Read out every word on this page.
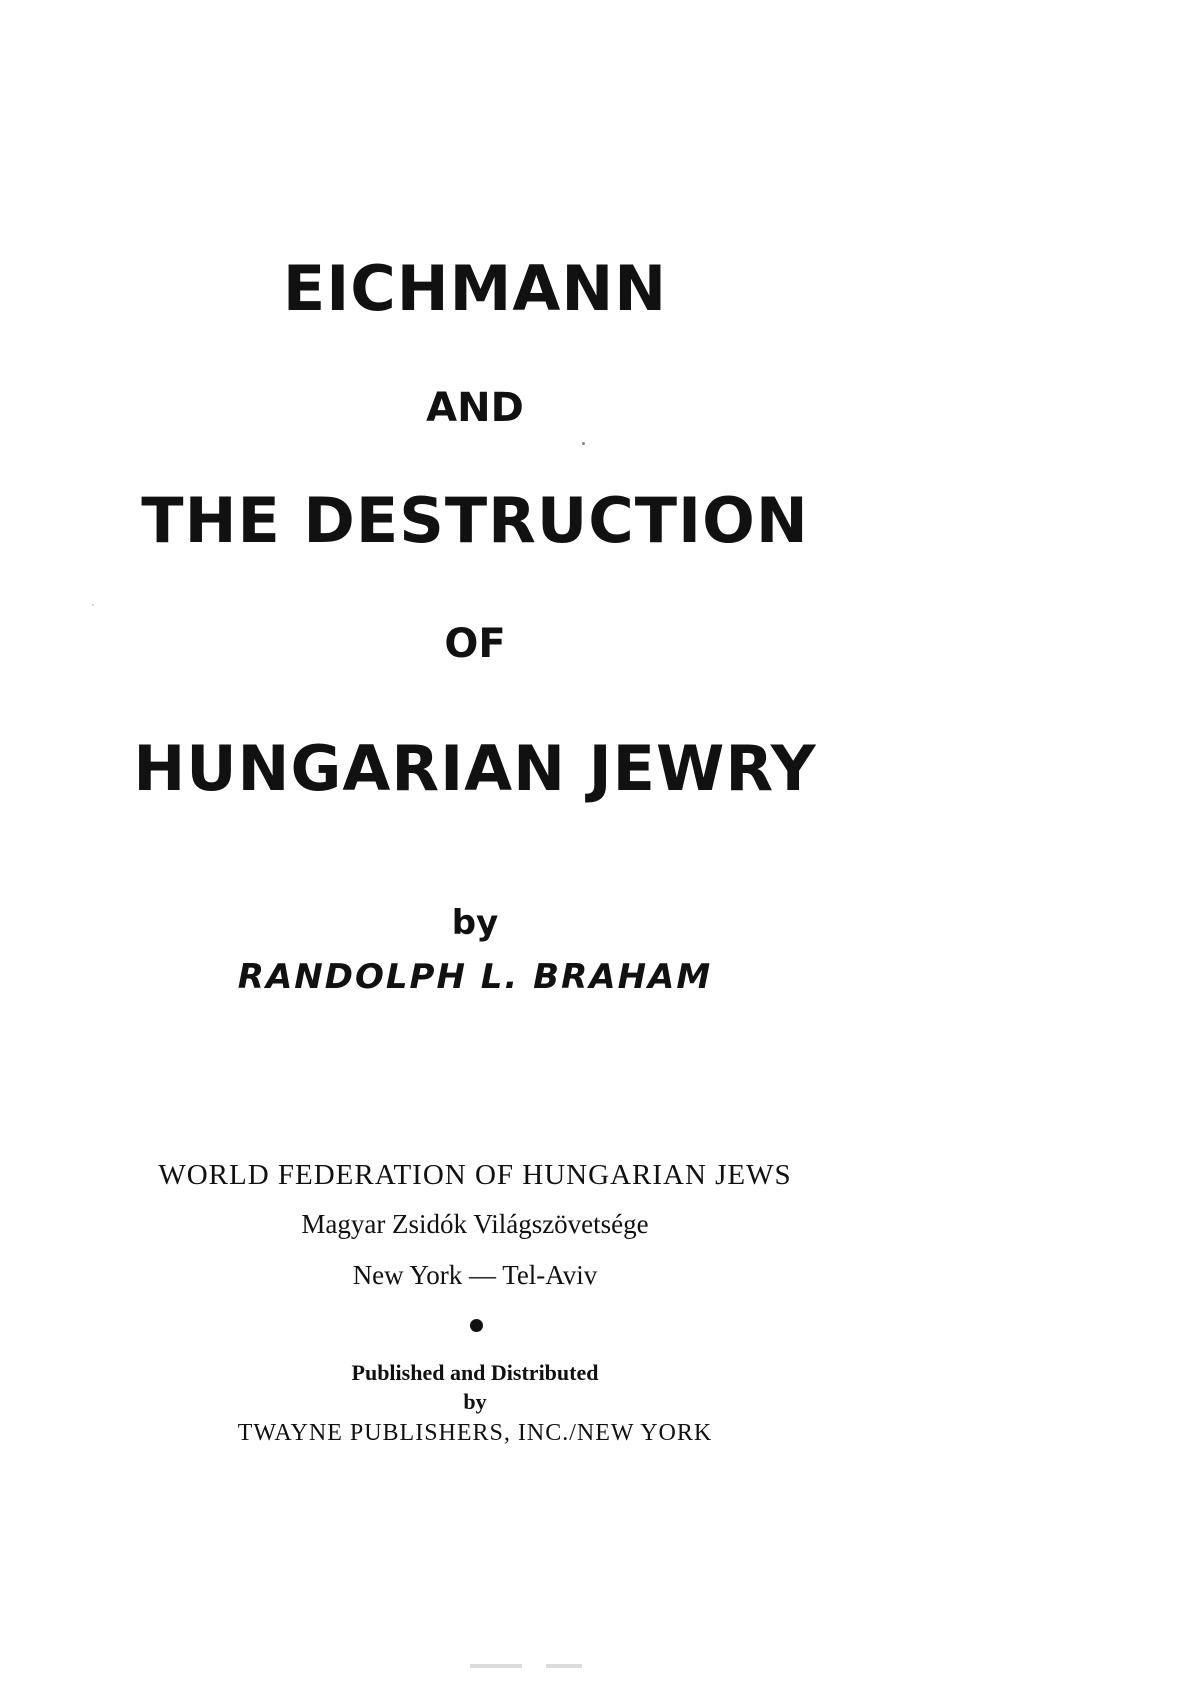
EICHMANN
AND
THE DESTRUCTION
OF
HUNGARIAN JEWRY
by
RANDOLPH L. BRAHAM
WORLD FEDERATION OF HUNGARIAN JEWS
Magyar Zsidók Világszövetsége
New York — Tel-Aviv
Published and Distributed
by
TWAYNE PUBLISHERS, INC./NEW YORK
